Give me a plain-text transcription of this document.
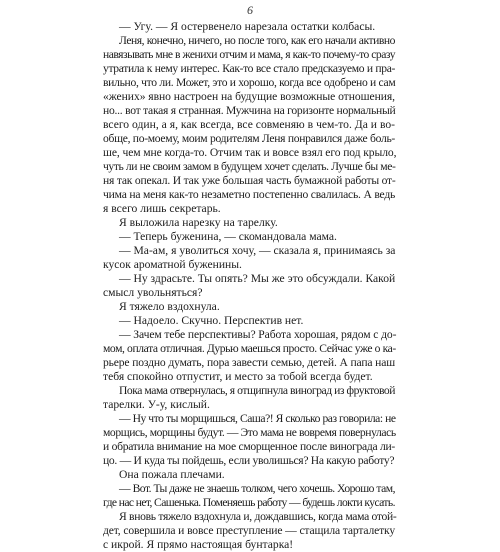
6
— Угу. — Я остервенело нарезала остатки колбасы.
Леня, конечно, ничего, но после того, как его начали активно
навязывать мне в женихи отчим и мама, я как-то почему-то сразу
утратила к нему интерес. Как-то все стало предсказуемо и пра-
вильно, что ли. Может, это и хорошо, когда все одобрено и сам
«жених» явно настроен на будущие возможные отношения,
но... вот такая я странная. Мужчина на горизонте нормальный
всего один, а я, как всегда, все совменяю в чем-то. Да и во-
обще, по-моему, моим родителям Леня понравился даже боль-
ше, чем мне когда-то. Отчим так и вовсе взял его под крыло,
чуть ли не своим замом в будущем хочет сделать. Лучше бы ме-
ня так опекал. И так уже большая часть бумажной работы от-
чима на меня как-то незаметно постепенно свалилась. А ведь
я всего лишь секретарь.
Я выложила нарезку на тарелку.
— Теперь буженина, — скомандовала мама.
— Ма-ам, я уволиться хочу, — сказала я, принимаясь за
кусок ароматной буженины.
— Ну здрасьте. Ты опять? Мы же это обсуждали. Какой
смысл увольняться?
Я тяжело вздохнула.
— Надоело. Скучно. Перспектив нет.
— Зачем тебе перспективы? Работа хорошая, рядом с до-
мом, оплата отличная. Дурью маешься просто. Сейчас уже о ка-
рьере поздно думать, пора завести семью, детей. А папа наш
тебя спокойно отпустит, и место за тобой всегда будет.
Пока мама отвернулась, я отщипнула виноград из фруктовой
тарелки. У-у, кислый.
— Ну что ты морщишься, Саша?! Я сколько раз говорила: не
морщись, морщины будут. — Это мама не вовремя повернулась
и обратила внимание на мое сморщенное после винограда ли-
цо. — И куда ты пойдешь, если уволишься? На какую работу?
Она пожала плечами.
— Вот. Ты даже не знаешь толком, чего хочешь. Хорошо там,
где нас нет, Сашенька. Поменяешь работу — будешь локти кусать.
Я вновь тяжело вздохнула и, дождавшись, когда мама отой-
дет, совершила и вовсе преступление — стащила тарталетку
с икрой. Я прямо настоящая бунтарка!
